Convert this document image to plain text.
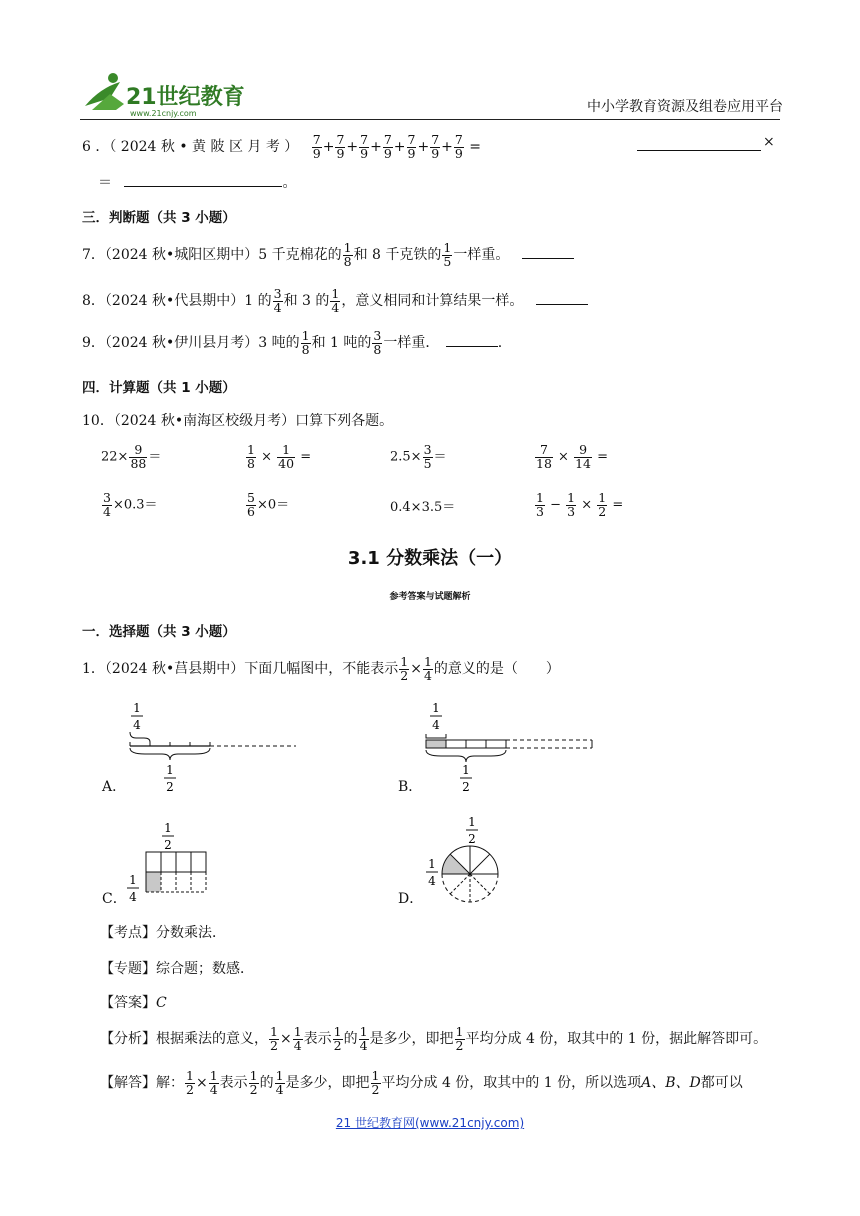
21世纪教育
www.21cnjy.com	中小学教育资源及组卷应用平台
6 ．（ 2024 秋 • 黄 陂 区 月 考 ） $\frac{7}{9} + \frac{7}{9} + \frac{7}{9} + \frac{7}{9} + \frac{7}{9} + \frac{7}{9} + \frac{7}{9}$ =	×
＝	。
三．判断题（共 3 小题）
7．（2024 秋•城阳区期中）5 千克棉花的 $\frac{1}{8}$ 和 8 千克铁的 $\frac{1}{5}$ 一样重。
8．（2024 秋•代县期中）1 的 $\frac{3}{4}$ 和 3 的 $\frac{1}{4}$ ，意义相同和计算结果一样。
9．（2024 秋•伊川县月考）3 吨的 $\frac{1}{8}$ 和 1 吨的 $\frac{3}{8}$ 一样重．	.
四．计算题（共 1 小题）
10．（2024 秋•南海区校级月考）口算下列各题。
$22\times \frac{9}{88}$ ＝	$\frac{1}{8} \times \frac{1}{40}$ =	$2.5\times \frac{3}{5}$ ＝	$\frac{7}{18} \times \frac{9}{14}$ =
$\frac{3}{4} \times 0.3=$	$\frac{5}{6} \times 0=$	0.4×3.5＝	$\frac{1}{3} - \frac{1}{3} \times \frac{1}{2}$ =
3.1 分数乘法（一）
参考答案与试题解析
一．选择题（共 3 小题）
1．（2024 秋•莒县期中）下面几幅图中，不能表示 $\frac{1}{2} \times \frac{1}{4}$ 的意义的是（　　）
1
4
1
2
A．
1
4
1
2
B．
1
2
1
4
C．
1
2
1
4
D．
【考点】分数乘法．
【专题】综合题；数感．
【答案】C
【分析】根据乘法的意义， $\frac{1}{2} \times \frac{1}{4}$ 表示 $\frac{1}{2}$ 的 $\frac{1}{4}$ 是多少，即把 $\frac{1}{2}$ 平均分成 4 份，取其中的 1 份，据此解答即可。
【解答】解： $\frac{1}{2} \times \frac{1}{4}$ 表示 $\frac{1}{2}$ 的 $\frac{1}{4}$ 是多少，即把 $\frac{1}{2}$ 平均分成 4 份，取其中的 1 份，所以选项A、B、D都可以
21 世纪教育网(www.21cnjy.com)
